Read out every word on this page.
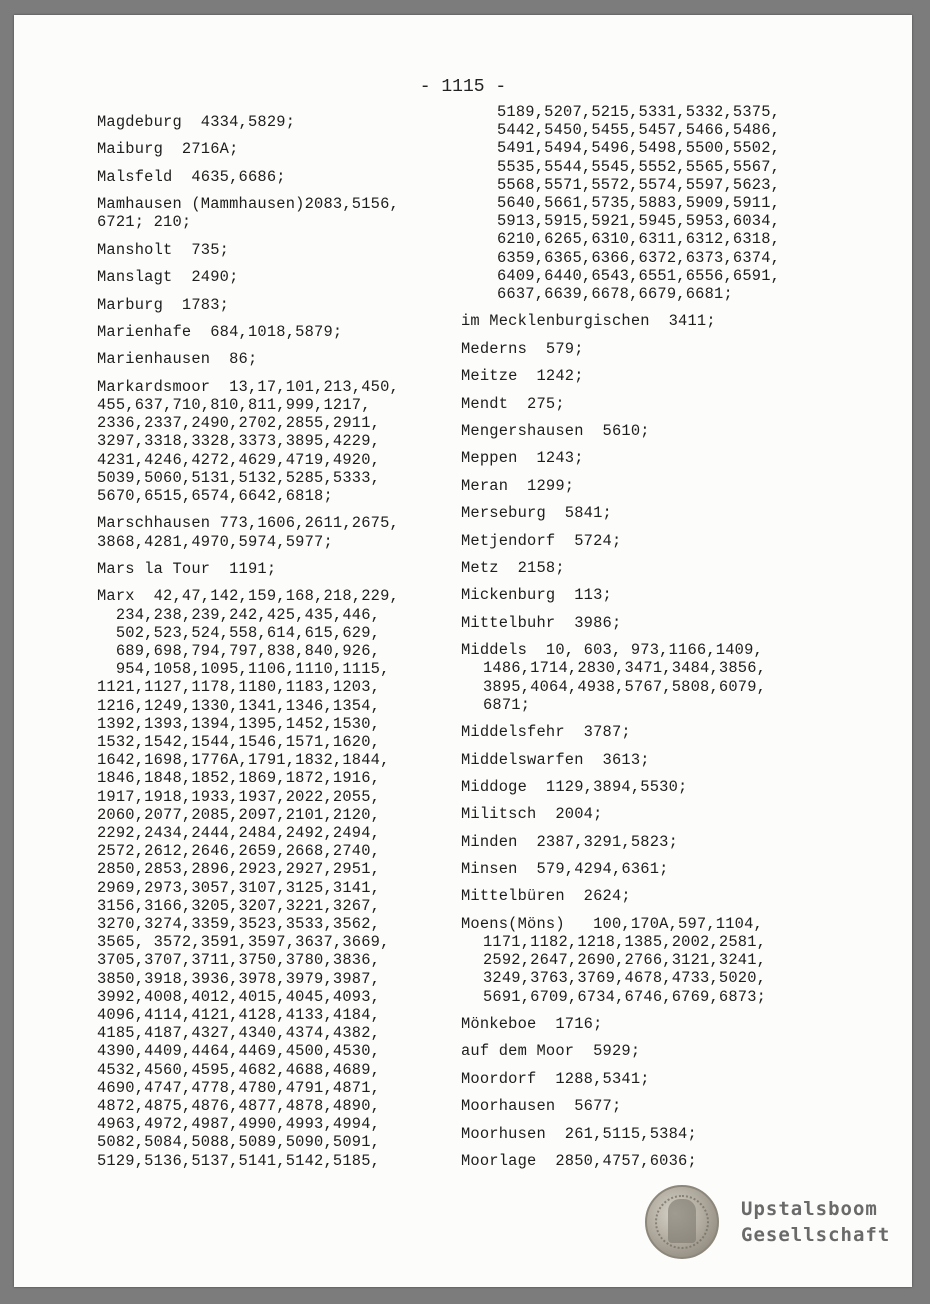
- 1115 -
Magdeburg  4334,5829;
Maiburg  2716A;
Malsfeld  4635,6686;
Mamhausen (Mammhausen)2083,5156,
6721; 210;
Mansholt  735;
Manslagt  2490;
Marburg  1783;
Marienhafe  684,1018,5879;
Marienhausen  86;
Markardsmoor  13,17,101,213,450,
455,637,710,810,811,999,1217,
2336,2337,2490,2702,2855,2911,
3297,3318,3328,3373,3895,4229,
4231,4246,4272,4629,4719,4920,
5039,5060,5131,5132,5285,5333,
5670,6515,6574,6642,6818;
Marschhausen 773,1606,2611,2675,
3868,4281,4970,5974,5977;
Mars la Tour  1191;
Marx  42,47,142,159,168,218,229,
234,238,239,242,425,435,446,
502,523,524,558,614,615,629,
689,698,794,797,838,840,926,
954,1058,1095,1106,1110,1115,
1121,1127,1178,1180,1183,1203,
1216,1249,1330,1341,1346,1354,
1392,1393,1394,1395,1452,1530,
1532,1542,1544,1546,1571,1620,
1642,1698,1776A,1791,1832,1844,
1846,1848,1852,1869,1872,1916,
1917,1918,1933,1937,2022,2055,
2060,2077,2085,2097,2101,2120,
2292,2434,2444,2484,2492,2494,
2572,2612,2646,2659,2668,2740,
2850,2853,2896,2923,2927,2951,
2969,2973,3057,3107,3125,3141,
3156,3166,3205,3207,3221,3267,
3270,3274,3359,3523,3533,3562,
3565, 3572,3591,3597,3637,3669,
3705,3707,3711,3750,3780,3836,
3850,3918,3936,3978,3979,3987,
3992,4008,4012,4015,4045,4093,
4096,4114,4121,4128,4133,4184,
4185,4187,4327,4340,4374,4382,
4390,4409,4464,4469,4500,4530,
4532,4560,4595,4682,4688,4689,
4690,4747,4778,4780,4791,4871,
4872,4875,4876,4877,4878,4890,
4963,4972,4987,4990,4993,4994,
5082,5084,5088,5089,5090,5091,
5129,5136,5137,5141,5142,5185,
5189,5207,5215,5331,5332,5375,
5442,5450,5455,5457,5466,5486,
5491,5494,5496,5498,5500,5502,
5535,5544,5545,5552,5565,5567,
5568,5571,5572,5574,5597,5623,
5640,5661,5735,5883,5909,5911,
5913,5915,5921,5945,5953,6034,
6210,6265,6310,6311,6312,6318,
6359,6365,6366,6372,6373,6374,
6409,6440,6543,6551,6556,6591,
6637,6639,6678,6679,6681;
im Mecklenburgischen  3411;
Mederns  579;
Meitze  1242;
Mendt  275;
Mengershausen  5610;
Meppen  1243;
Meran  1299;
Merseburg  5841;
Metjendorf  5724;
Metz  2158;
Mickenburg  113;
Mittelbuhr  3986;
Middels  10, 603, 973,1166,1409,
1486,1714,2830,3471,3484,3856,
3895,4064,4938,5767,5808,6079,
6871;
Middelsfehr  3787;
Middelswarfen  3613;
Middoge  1129,3894,5530;
Militsch  2004;
Minden  2387,3291,5823;
Minsen  579,4294,6361;
Mittelbüren  2624;
Moens(Möns)   100,170A,597,1104,
1171,1182,1218,1385,2002,2581,
2592,2647,2690,2766,3121,3241,
3249,3763,3769,4678,4733,5020,
5691,6709,6734,6746,6769,6873;
Mönkeboe  1716;
auf dem Moor  5929;
Moordorf  1288,5341;
Moorhausen  5677;
Moorhusen  261,5115,5384;
Moorlage  2850,4757,6036;
Upstalsboom
Gesellschaft
